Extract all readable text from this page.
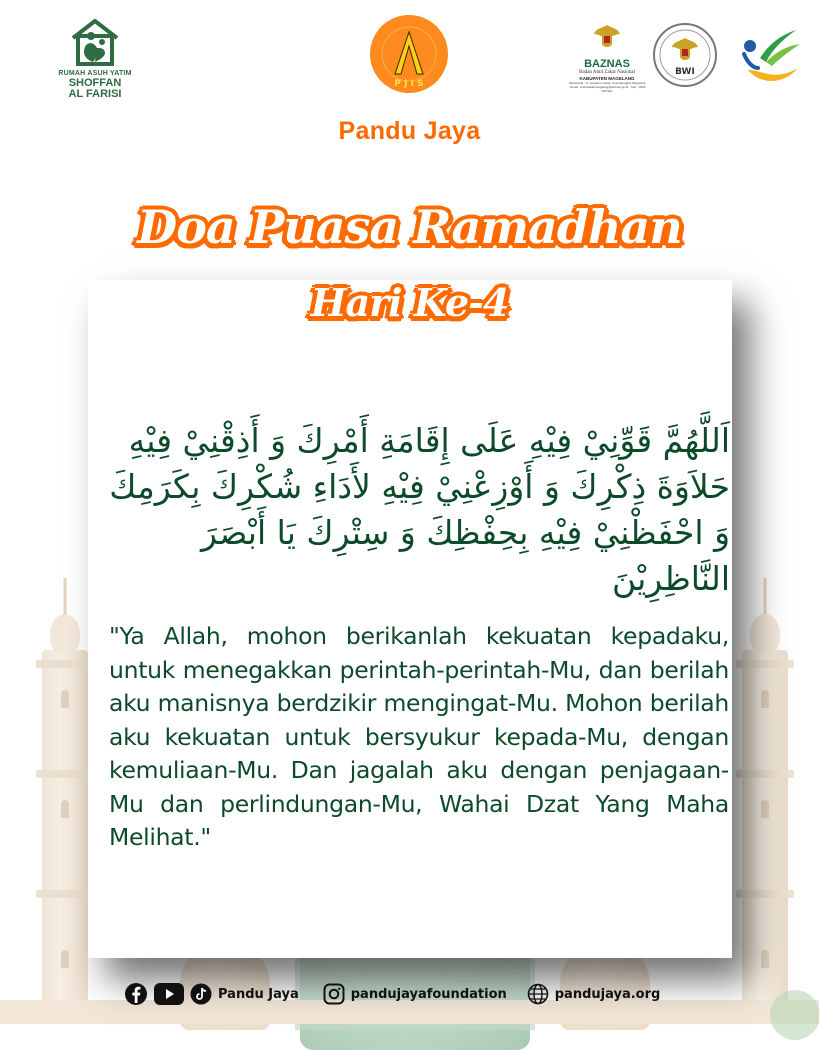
RUMAH ASUH YATIM
SHOFFAN
AL FARISI
P J I S
Pandu Jaya
BAZNAS
Badan Amil Zakat Nasional
KABUPATEN MAGELANG
Sekretariat : Jl. Soekarno Hatta, Kota Mungkid, Magelang · Email : baznaskabmagelang@baznas.go.id · Telp : 0293 339 994
BWI
Doa Puasa Ramadhan
Hari Ke-4
اَللَّهُمَّ قَوِّنِيْ فِيْهِ عَلَى إِقَامَةِ أَمْرِكَ وَ أَذِقْنِيْ فِيْهِ حَلاَوَةَ ذِكْرِكَ وَ أَوْزِعْنِيْ فِيْهِ لأَدَاءِ شُكْرِكَ بِكَرَمِكَ وَ احْفَظْنِيْ فِيْهِ بِحِفْظِكَ وَ سِتْرِكَ يَا أَبْصَرَ النَّاظِرِيْنَ
"Ya Allah, mohon berikanlah kekuatan kepadaku, untuk menegakkan perintah-perintah-Mu, dan berilah aku manisnya berdzikir mengingat-Mu. Mohon berilah aku kekuatan untuk bersyukur kepada-Mu, dengan kemuliaan-Mu. Dan jagalah aku dengan penjagaan-Mu dan perlindungan-Mu, Wahai Dzat Yang Maha Melihat."
Pandu Jaya	pandujayafoundation	pandujaya.org
